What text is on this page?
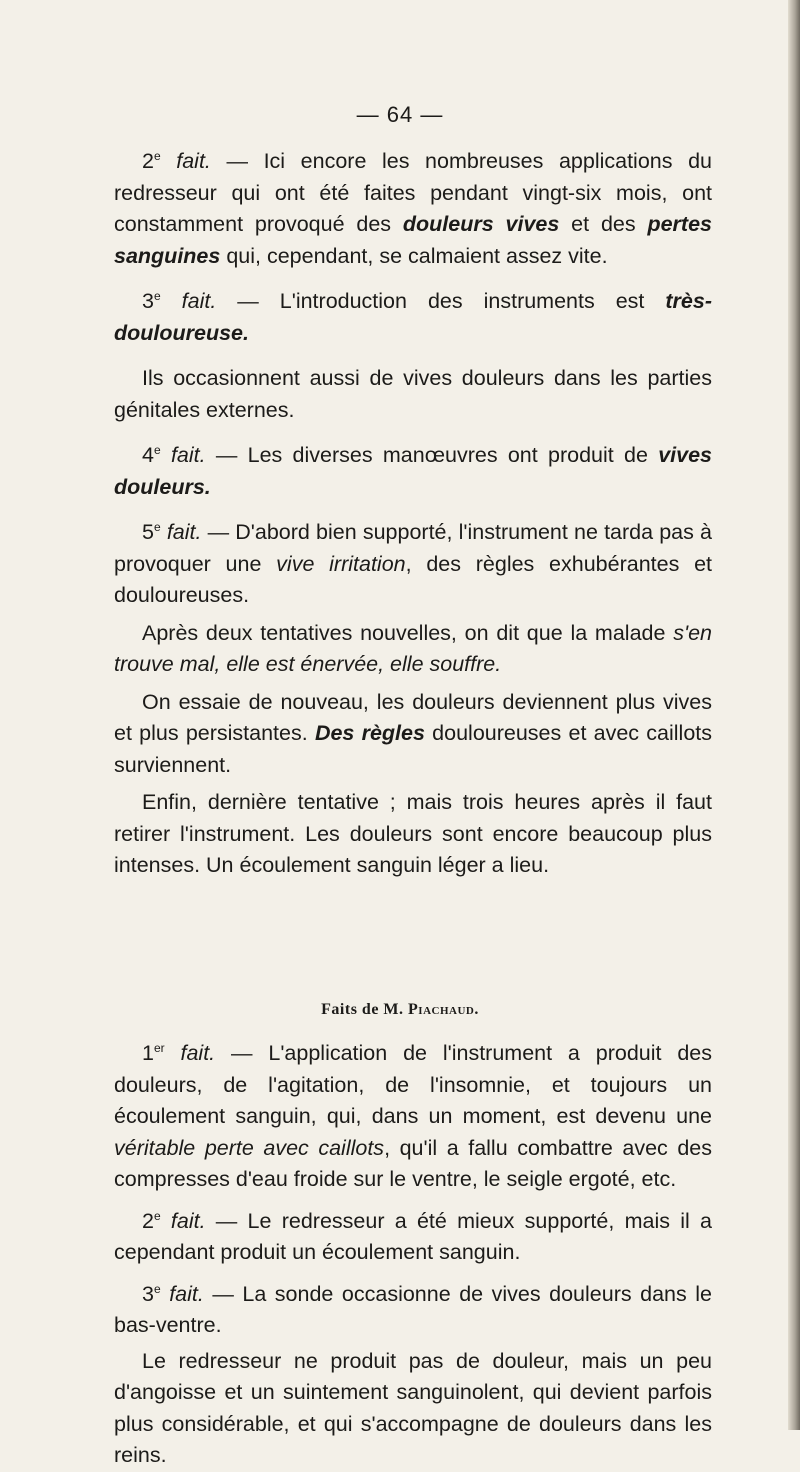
— 64 —

2e fait. — Ici encore les nombreuses applications du redresseur qui ont été faites pendant vingt-six mois, ont constamment provoqué des douleurs vives et des pertes sanguines qui, cependant, se calmaient assez vite.

3e fait. — L'introduction des instruments est très-douloureuse.

Ils occasionnent aussi de vives douleurs dans les parties génitales externes.

4e fait. — Les diverses manœuvres ont produit de vives douleurs.

5e fait. — D'abord bien supporté, l'instrument ne tarda pas à provoquer une vive irritation, des règles exhubérantes et douloureuses.

Après deux tentatives nouvelles, on dit que la malade s'en trouve mal, elle est énervée, elle souffre.

On essaie de nouveau, les douleurs deviennent plus vives et plus persistantes. Des règles douloureuses et avec caillots surviennent.

Enfin, dernière tentative ; mais trois heures après il faut retirer l'instrument. Les douleurs sont encore beaucoup plus intenses. Un écoulement sanguin léger a lieu.

Faits de M. Piachaud.

1er fait. — L'application de l'instrument a produit des douleurs, de l'agitation, de l'insomnie, et toujours un écoulement sanguin, qui, dans un moment, est devenu une véritable perte avec caillots, qu'il a fallu combattre avec des compresses d'eau froide sur le ventre, le seigle ergoté, etc.

2e fait. — Le redresseur a été mieux supporté, mais il a cependant produit un écoulement sanguin.

3e fait. — La sonde occasionne de vives douleurs dans le bas-ventre.

Le redresseur ne produit pas de douleur, mais un peu d'angoisse et un suintement sanguinolent, qui devient parfois plus considérable, et qui s'accompagne de douleurs dans les reins.
